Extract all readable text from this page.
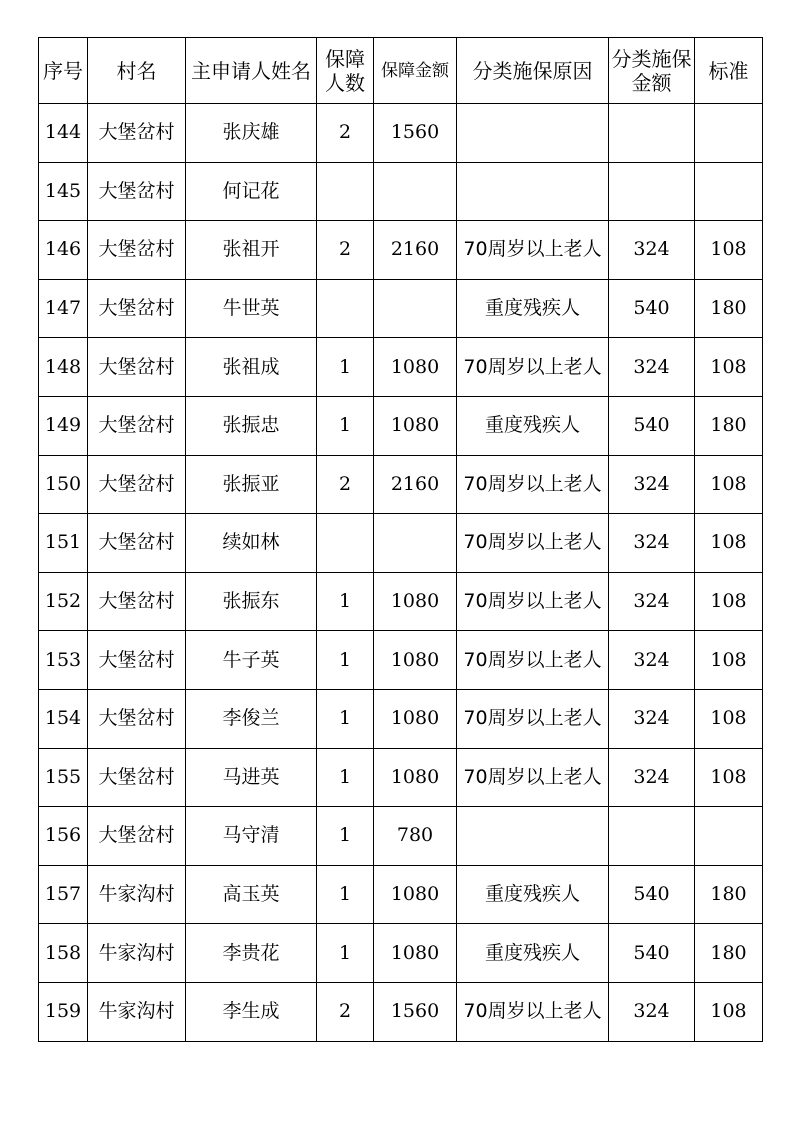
序号	村名	主申请人姓名	保障人数	保障金额	分类施保原因	分类施保金额	标准
144	大堡岔村	张庆雄	2	1560			
145	大堡岔村	何记花					
146	大堡岔村	张祖开	2	2160	70周岁以上老人	324	108
147	大堡岔村	牛世英			重度残疾人	540	180
148	大堡岔村	张祖成	1	1080	70周岁以上老人	324	108
149	大堡岔村	张振忠	1	1080	重度残疾人	540	180
150	大堡岔村	张振亚	2	2160	70周岁以上老人	324	108
151	大堡岔村	续如林			70周岁以上老人	324	108
152	大堡岔村	张振东	1	1080	70周岁以上老人	324	108
153	大堡岔村	牛子英	1	1080	70周岁以上老人	324	108
154	大堡岔村	李俊兰	1	1080	70周岁以上老人	324	108
155	大堡岔村	马进英	1	1080	70周岁以上老人	324	108
156	大堡岔村	马守清	1	780			
157	牛家沟村	高玉英	1	1080	重度残疾人	540	180
158	牛家沟村	李贵花	1	1080	重度残疾人	540	180
159	牛家沟村	李生成	2	1560	70周岁以上老人	324	108
